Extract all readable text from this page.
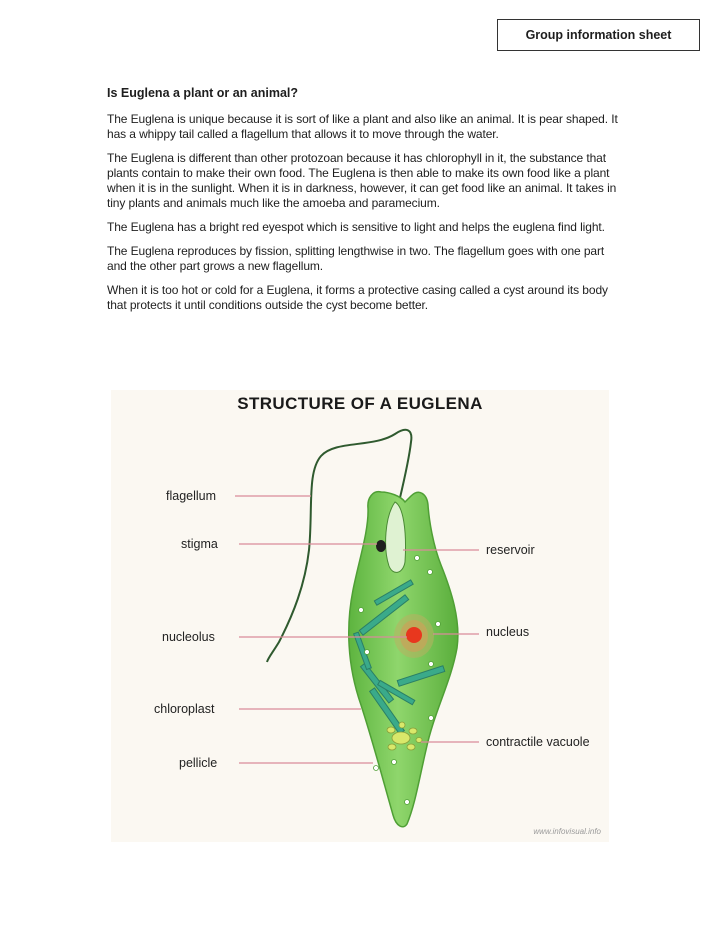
Group information sheet
Is Euglena a plant or an animal?

The Euglena is unique because it is sort of like a plant and also like an animal. It is pear shaped. It has a whippy tail called a flagellum that allows it to move through the water.

The Euglena is different than other protozoan because it has chlorophyll in it, the substance that plants contain to make their own food. The Euglena is then able to make its own food like a plant when it is in the sunlight. When it is in darkness, however, it can get food like an animal. It takes in tiny plants and animals much like the amoeba and paramecium.

The Euglena has a bright red eyespot which is sensitive to light and helps the euglena find light.

The Euglena reproduces by fission, splitting lengthwise in two. The flagellum goes with one part and the other part grows a new flagellum.

When it is too hot or cold for a Euglena, it forms a protective casing called a cyst around its body that protects it until conditions outside the cyst become better.

STRUCTURE OF A EUGLENA
flagellum
stigma
nucleolus
chloroplast
pellicle
reservoir
nucleus
contractile vacuole
www.infovisual.info
